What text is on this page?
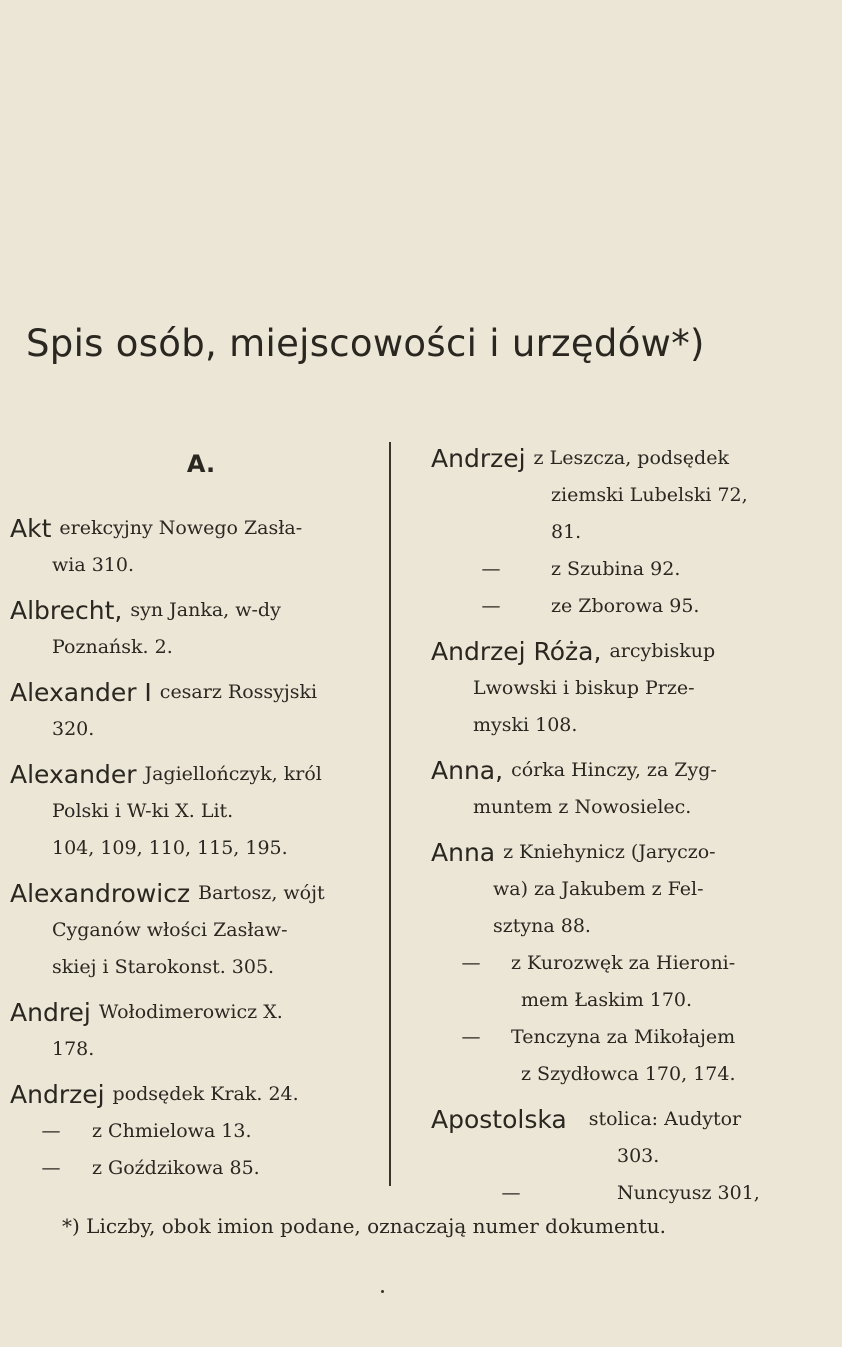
Spis osób, miejscowości i urzędów*)
A.
Akt erekcyjny Nowego Zasła-
wia 310.
Albrecht, syn Janka, w-dy
Poznańsk. 2.
Alexander I cesarz Rossyjski
320.
Alexander Jagiellończyk, król
Polski i W-ki X. Lit.
104, 109, 110, 115, 195.
Alexandrowicz Bartosz, wójt
Cyganów włości Zasław-
skiej i Starokonst. 305.
Andrej Wołodimerowicz X.
178.
Andrzej podsędek Krak. 24.
—	z Chmielowa 13.
—	z Goździkowa 85.
Andrzej z Leszcza, podsędek
ziemski Lubelski 72,
81.
—	z Szubina 92.
—	ze Zborowa 95.
Andrzej Róża, arcybiskup
Lwowski i biskup Prze-
myski 108.
Anna, córka Hinczy, za Zyg-
muntem z Nowosielec.
Anna z Kniehynicz (Jaryczo-
wa) za Jakubem z Fel-
sztyna 88.
—	z Kurozwęk za Hieroni-
mem Łaskim 170.
—	Tenczyna za Mikołajem
z Szydłowca 170, 174.
Apostolska	stolica: Audytor
303.
—	Nuncyusz 301,
*) Liczby, obok imion podane, oznaczają numer dokumentu.
